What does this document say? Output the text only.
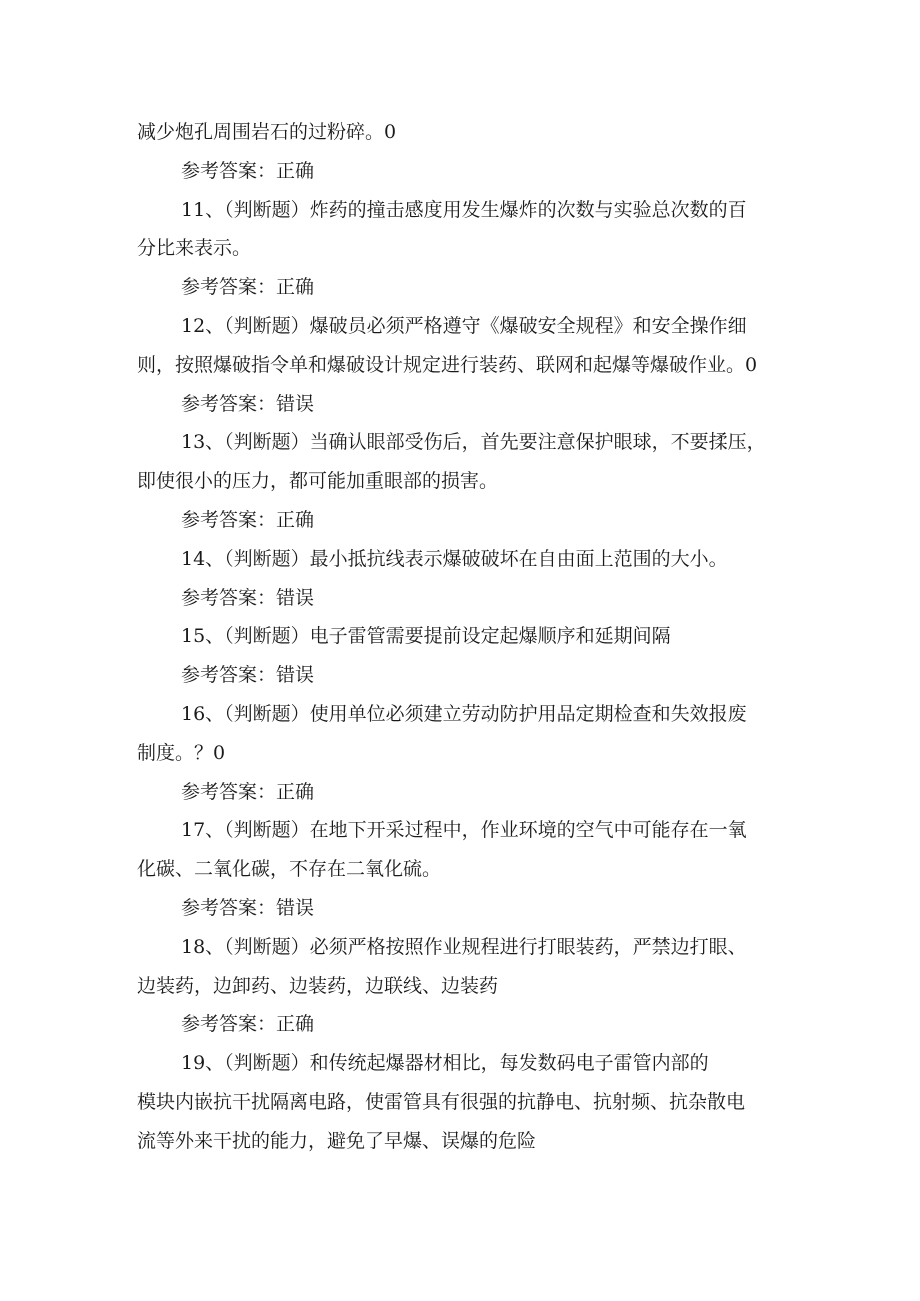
减少炮孔周围岩石的过粉碎。0
参考答案：正确
11、（判断题）炸药的撞击感度用发生爆炸的次数与实验总次数的百
分比来表示。
参考答案：正确
12、（判断题）爆破员必须严格遵守《爆破安全规程》和安全操作细
则，按照爆破指令单和爆破设计规定进行装药、联网和起爆等爆破作业。0
参考答案：错误
13、（判断题）当确认眼部受伤后，首先要注意保护眼球，不要揉压，
即使很小的压力，都可能加重眼部的损害。
参考答案：正确
14、（判断题）最小抵抗线表示爆破破坏在自由面上范围的大小。
参考答案：错误
15、（判断题）电子雷管需要提前设定起爆顺序和延期间隔
参考答案：错误
16、（判断题）使用单位必须建立劳动防护用品定期检查和失效报废
制度。？0
参考答案：正确
17、（判断题）在地下开采过程中，作业环境的空气中可能存在一氧
化碳、二氧化碳，不存在二氧化硫。
参考答案：错误
18、（判断题）必须严格按照作业规程进行打眼装药，严禁边打眼、
边装药，边卸药、边装药，边联线、边装药
参考答案：正确
19、（判断题）和传统起爆器材相比，每发数码电子雷管内部的
模块内嵌抗干扰隔离电路，使雷管具有很强的抗静电、抗射频、抗杂散电
流等外来干扰的能力，避免了早爆、误爆的危险
